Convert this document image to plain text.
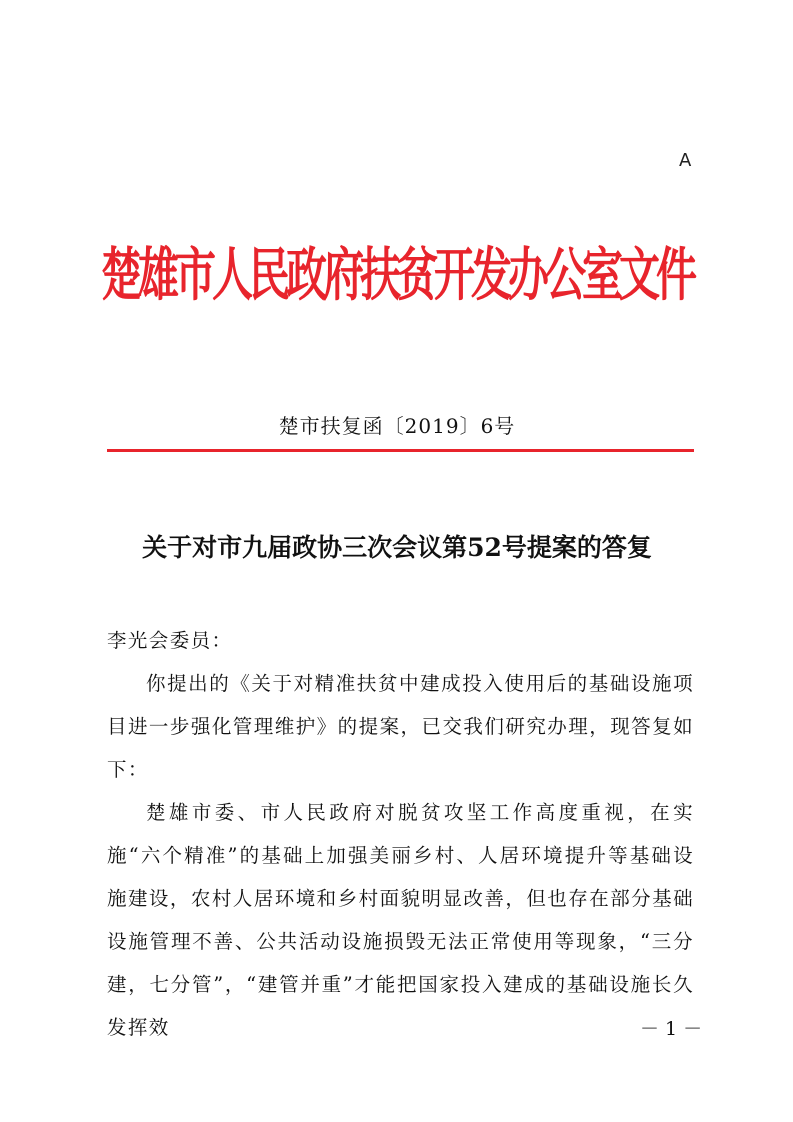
A
楚雄市人民政府扶贫开发办公室文件
楚市扶复函〔2019〕6号
关于对市九届政协三次会议第52号提案的答复

李光会委员：

你提出的《关于对精准扶贫中建成投入使用后的基础设施项目进一步强化管理维护》的提案，已交我们研究办理，现答复如下：

楚雄市委、市人民政府对脱贫攻坚工作高度重视，在实施“六个精准”的基础上加强美丽乡村、人居环境提升等基础设施建设，农村人居环境和乡村面貌明显改善，但也存在部分基础设施管理不善、公共活动设施损毁无法正常使用等现象，“三分建，七分管”，“建管并重”才能把国家投入建成的基础设施长久发挥效	－ 1 －
